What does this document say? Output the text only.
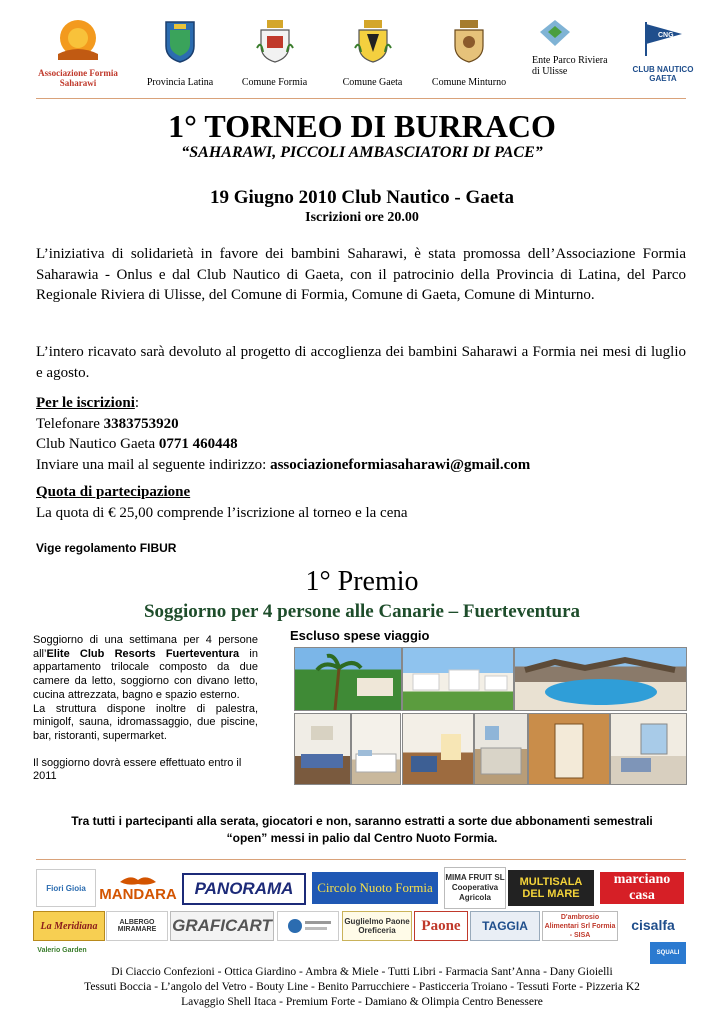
Associazione Formia Saharawi	Provincia Latina	Comune Formia	Comune Gaeta	Comune Minturno
Ente Parco Riviera di Ulisse
CNG
CLUB NAUTICO GAETA
1° TORNEO DI BURRACO
“SAHARAWI, PICCOLI AMBASCIATORI DI PACE”
19 Giugno 2010 Club Nautico - Gaeta
Iscrizioni ore 20.00
L’iniziativa di solidarietà in favore dei bambini Saharawi, è stata promossa dell’Associazione Formia Saharawia - Onlus e dal Club Nautico di Gaeta, con il patrocinio della Provincia di Latina, del Parco Regionale Riviera di Ulisse, del Comune di Formia, Comune di Gaeta, Comune di Minturno.
L’intero ricavato sarà devoluto al progetto di accoglienza dei bambini Saharawi a Formia nei mesi di luglio e agosto.
Per le iscrizioni:
Telefonare 3383753920
Club Nautico Gaeta 0771 460448
Inviare una mail al seguente indirizzo: associazioneformiasaharawi@gmail.com
Quota di partecipazione
La quota di € 25,00 comprende l’iscrizione al torneo e la cena
Vige regolamento FIBUR
1° Premio
Soggiorno per 4 persone alle Canarie – Fuerteventura
Escluso spese viaggio
Soggiorno di una settimana per 4 persone all’Elite Club Resorts Fuerteventura in appartamento trilocale composto da due camere da letto, soggiorno con divano letto, cucina attrezzata, bagno e spazio esterno.
La struttura dispone inoltre di palestra, minigolf, sauna, idromassaggio, due piscine, bar, ristoranti, supermarket.
Il soggiorno dovrà essere effettuato entro il 2011
Tra tutti i partecipanti alla serata, giocatori e non, saranno estratti a sorte due abbonamenti semestrali
“open” messi in palio dal Centro Nuoto Formia.
Fiori Gioia MANDARA	PANORAMA	Circolo Nuoto Formia
MIMA FRUIT SL Cooperativa Agricola
MULTISALA DEL MARE
marciano casa
La Meridiana	ALBERGO MIRAMARE GRAFICART	Guglielmo Paone Oreficeria	Paone	TAGGIA
D'ambrosio Alimentari Srl Formia - SISA
cisalfa
Valerio Garden	SQUALI
Di Ciaccio Confezioni - Ottica Giardino - Ambra & Miele - Tutti Libri - Farmacia Sant’Anna - Dany Gioielli
Tessuti Boccia - L’angolo del Vetro - Bouty Line - Benito Parrucchiere - Pasticceria Troiano - Tessuti Forte - Pizzeria K2
Lavaggio Shell Itaca - Premium Forte - Damiano & Olimpia Centro Benessere
